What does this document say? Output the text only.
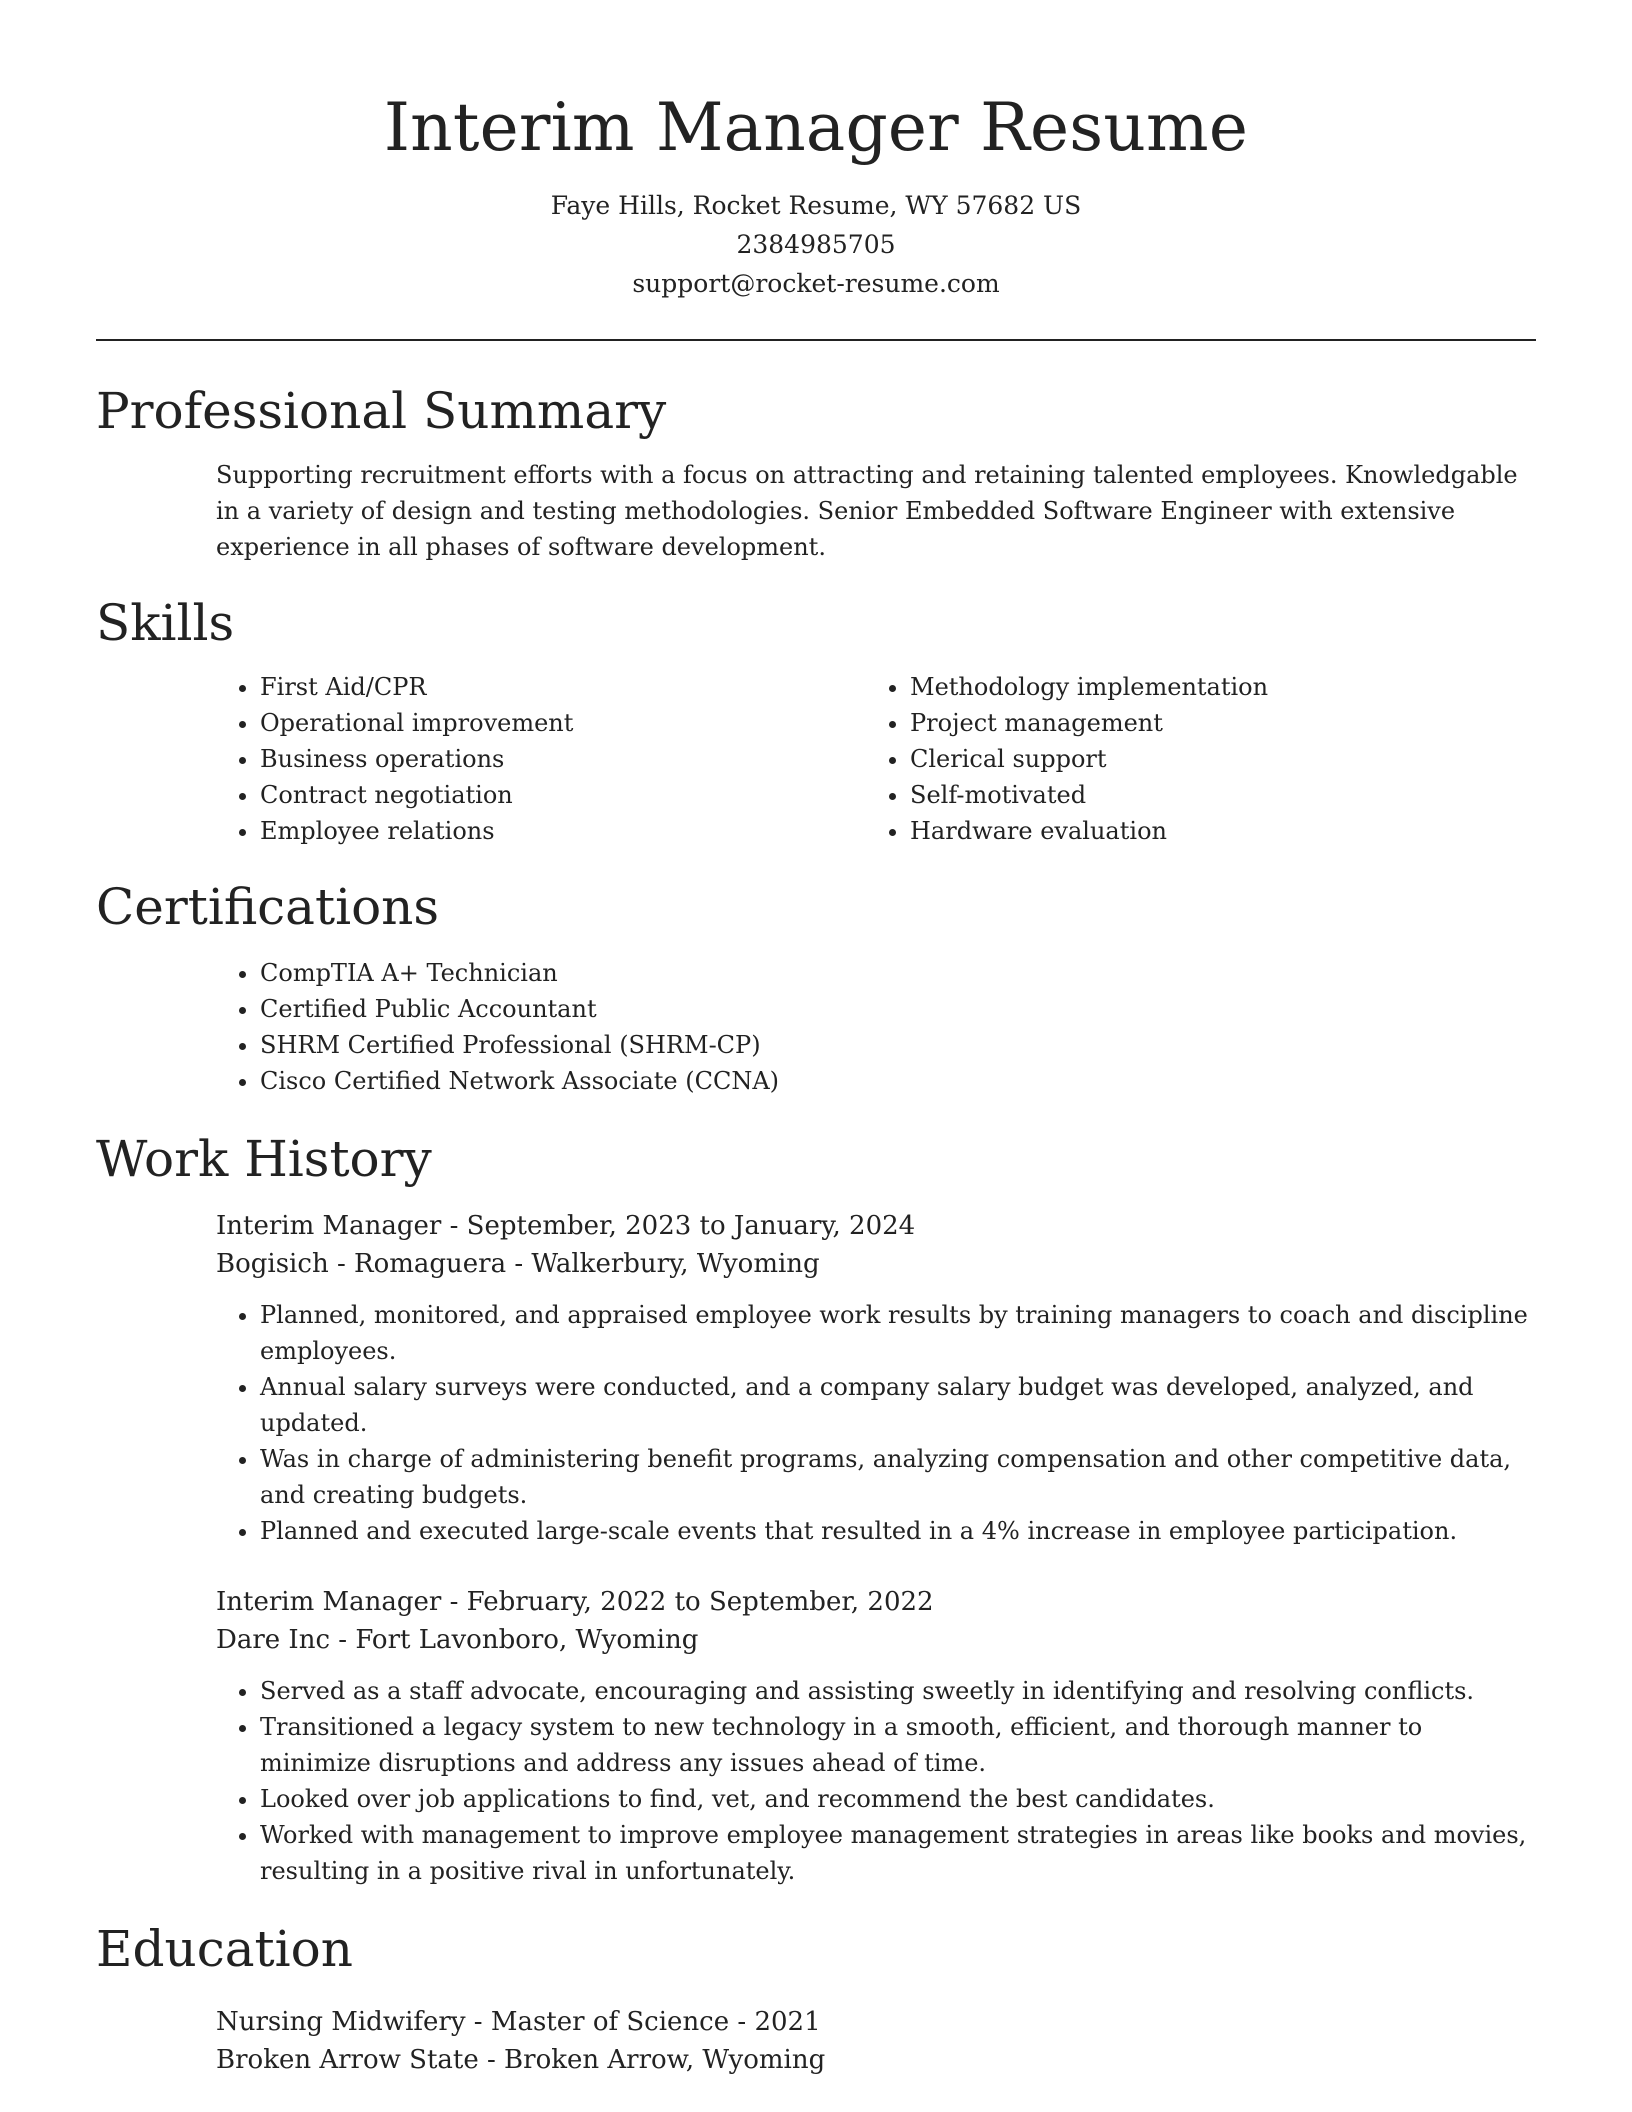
Interim Manager Resume
Faye Hills, Rocket Resume, WY 57682 US
2384985705
support@rocket-resume.com
Professional Summary

Supporting recruitment efforts with a focus on attracting and retaining talented employees. Knowledgable in a variety of design and testing methodologies. Senior Embedded Software Engineer with extensive experience in all phases of software development.

Skills
• First Aid/CPR
• Operational improvement
• Business operations
• Contract negotiation
• Employee relations
• Methodology implementation
• Project management
• Clerical support
• Self-motivated
• Hardware evaluation
Certifications
• CompTIA A+ Technician
• Certified Public Accountant
• SHRM Certified Professional (SHRM-CP)
• Cisco Certified Network Associate (CCNA)
Work History
Interim Manager - September, 2023 to January, 2024
Bogisich - Romaguera - Walkerbury, Wyoming
• Planned, monitored, and appraised employee work results by training managers to coach and discipline employees.
• Annual salary surveys were conducted, and a company salary budget was developed, analyzed, and updated.
• Was in charge of administering benefit programs, analyzing compensation and other competitive data, and creating budgets.
• Planned and executed large-scale events that resulted in a 4% increase in employee participation.
Interim Manager - February, 2022 to September, 2022
Dare Inc - Fort Lavonboro, Wyoming
• Served as a staff advocate, encouraging and assisting sweetly in identifying and resolving conflicts.
• Transitioned a legacy system to new technology in a smooth, efficient, and thorough manner to minimize disruptions and address any issues ahead of time.
• Looked over job applications to find, vet, and recommend the best candidates.
• Worked with management to improve employee management strategies in areas like books and movies, resulting in a positive rival in unfortunately.
Education
Nursing Midwifery - Master of Science - 2021
Broken Arrow State - Broken Arrow, Wyoming
